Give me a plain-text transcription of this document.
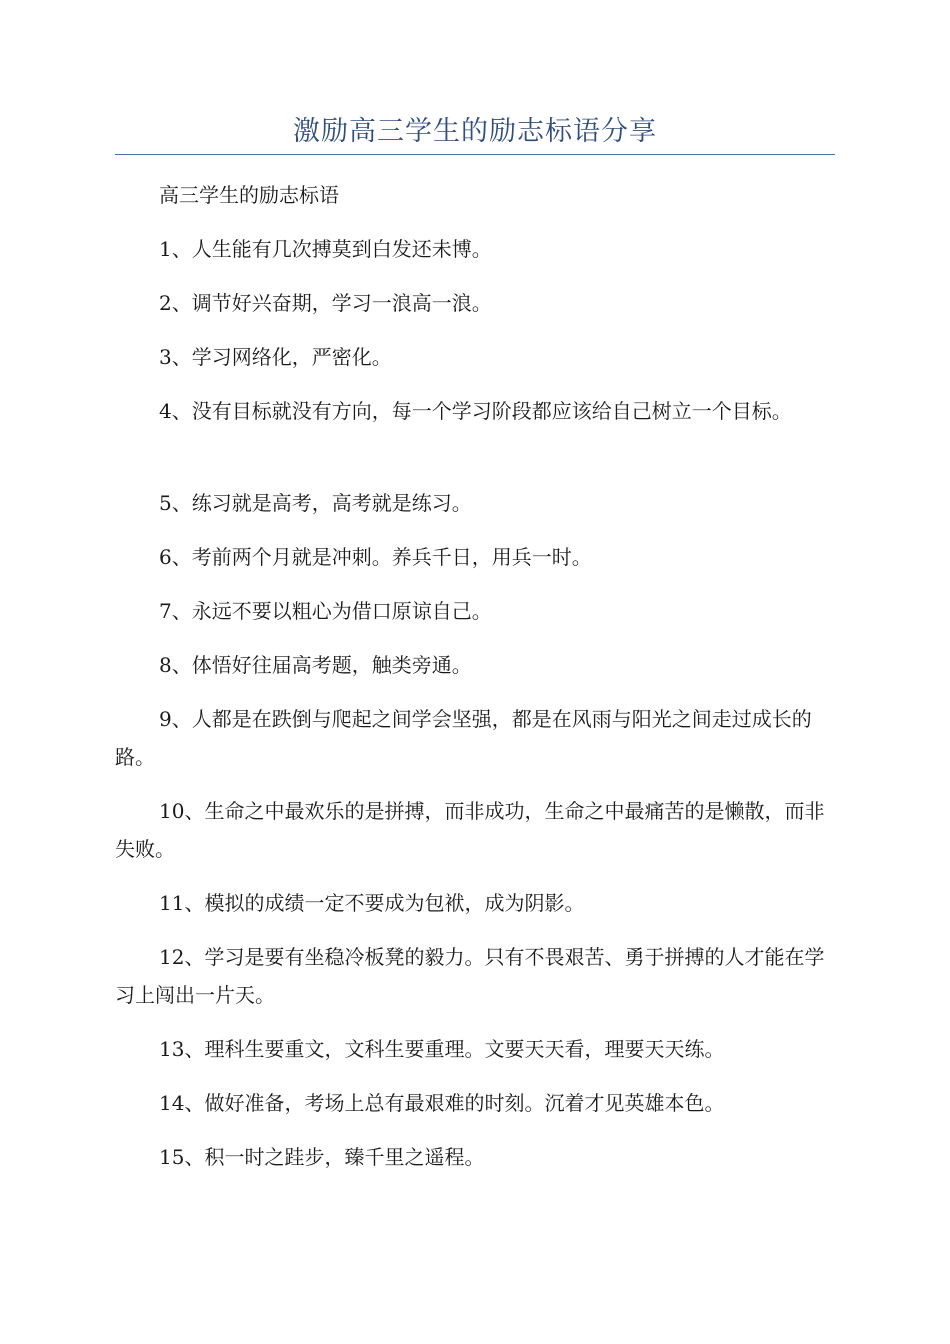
激励高三学生的励志标语分享

高三学生的励志标语

1、人生能有几次搏莫到白发还未博。

2、调节好兴奋期，学习一浪高一浪。

3、学习网络化，严密化。

4、没有目标就没有方向，每一个学习阶段都应该给自己树立一个目标。

5、练习就是高考，高考就是练习。

6、考前两个月就是冲刺。养兵千日，用兵一时。

7、永远不要以粗心为借口原谅自己。

8、体悟好往届高考题，触类旁通。

9、人都是在跌倒与爬起之间学会坚强，都是在风雨与阳光之间走过成长的路。

10、生命之中最欢乐的是拼搏，而非成功，生命之中最痛苦的是懒散，而非失败。

11、模拟的成绩一定不要成为包袱，成为阴影。

12、学习是要有坐稳冷板凳的毅力。只有不畏艰苦、勇于拼搏的人才能在学习上闯出一片天。

13、理科生要重文，文科生要重理。文要天天看，理要天天练。

14、做好准备，考场上总有最艰难的时刻。沉着才见英雄本色。

15、积一时之跬步，臻千里之遥程。
